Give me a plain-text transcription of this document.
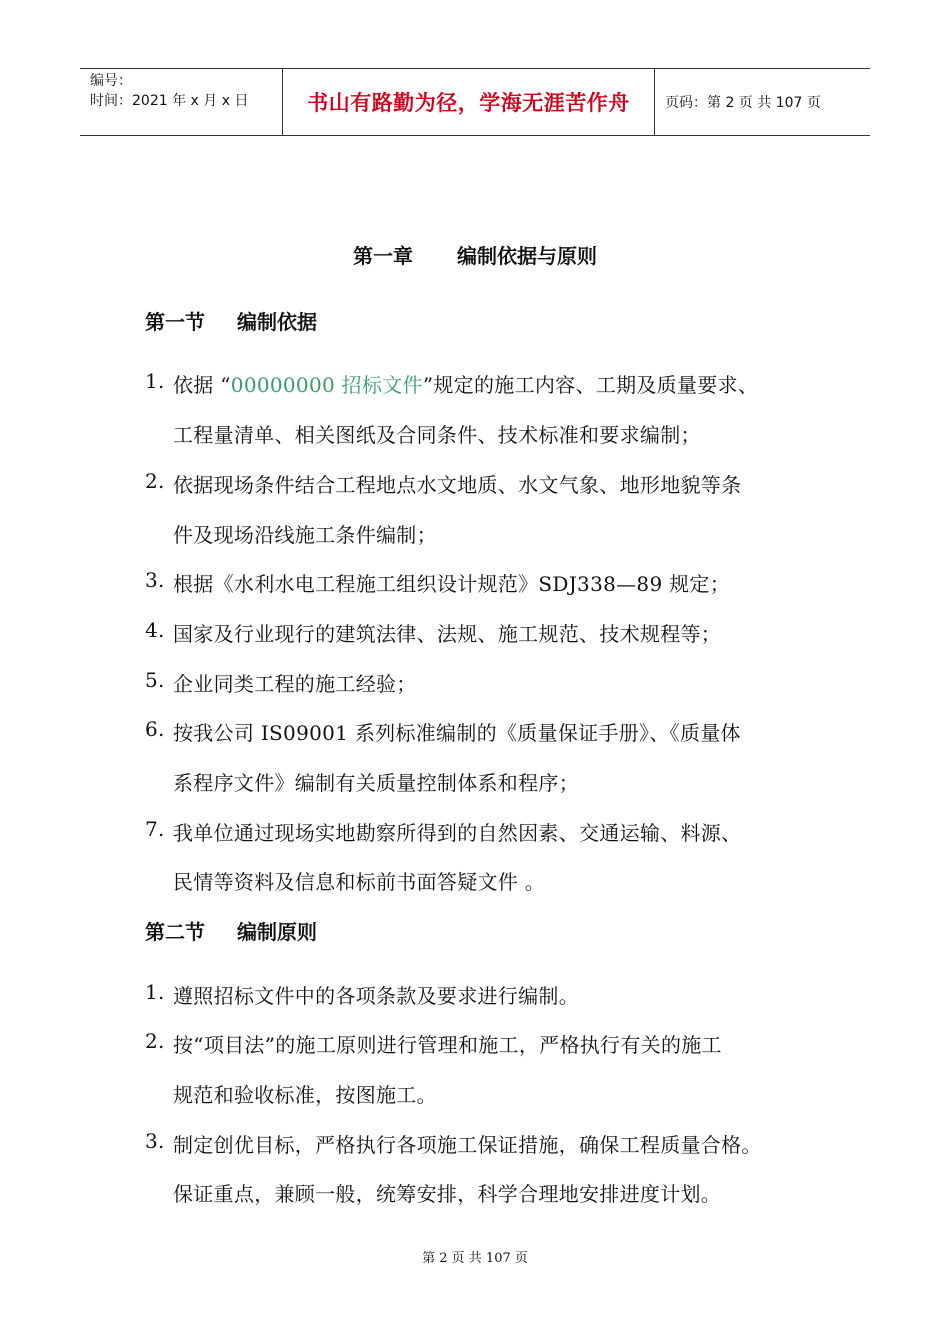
编号：
时间：2021 年 x 月 x 日	书山有路勤为径，学海无涯苦作舟	页码：第 2 页 共 107 页
第一章 编制依据与原则
第一节 编制依据
1. 依据 “00000000 招标文件”规定的施工内容、工期及质量要求、
工程量清单、相关图纸及合同条件、技术标准和要求编制；
2. 依据现场条件结合工程地点水文地质、水文气象、地形地貌等条
件及现场沿线施工条件编制；
3. 根据《水利水电工程施工组织设计规范》SDJ338—89 规定；
4. 国家及行业现行的建筑法律、法规、施工规范、技术规程等；
5. 企业同类工程的施工经验；
6. 按我公司 IS09001 系列标准编制的《质量保证手册》、《质量体
系程序文件》编制有关质量控制体系和程序；
7. 我单位通过现场实地勘察所得到的自然因素、交通运输、料源、
民情等资料及信息和标前书面答疑文件 。
第二节 编制原则
1. 遵照招标文件中的各项条款及要求进行编制。
2. 按“项目法”的施工原则进行管理和施工，严格执行有关的施工
规范和验收标准，按图施工。
3. 制定创优目标，严格执行各项施工保证措施，确保工程质量合格。
保证重点，兼顾一般，统筹安排，科学合理地安排进度计划。
第 2 页 共 107 页
